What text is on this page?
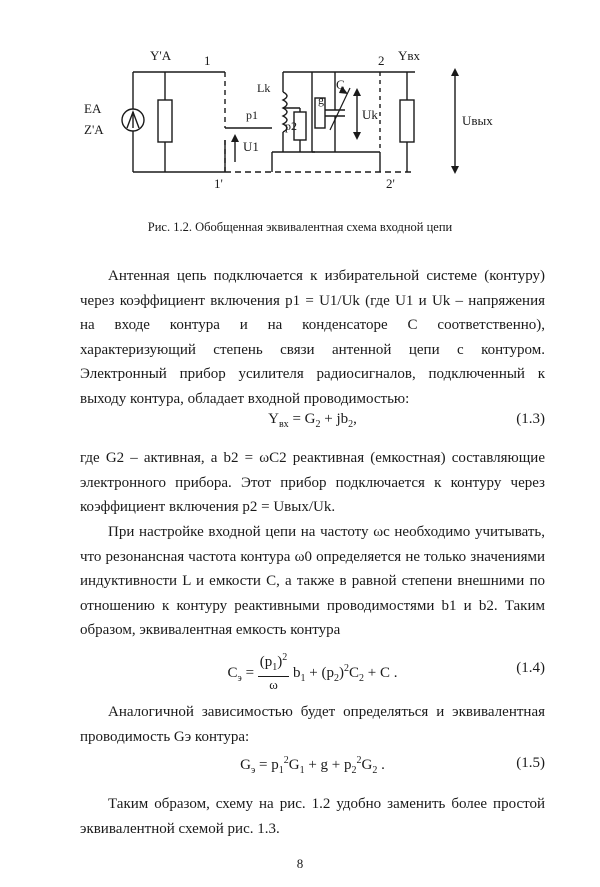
Y'A	1	2 Yвх
EA
Z'A
Lk	C
g
p1
p2
Uk
U1
Uвых
1'	2'
Рис. 1.2. Обобщенная эквивалентная схема входной цепи
Антенная цепь подключается к избирательной системе (контуру) через коэффициент включения p1 = U1/Uk (где U1 и Uk – напряжения на входе контура и на конденсаторе С соответственно), характеризующий степень связи антенной цепи с контуром. Электронный прибор усилителя радиосигналов, подключенный к выходу контура, обладает входной проводимостью:
$Y_{вх} = G_2 + jb_2$,	(1.3)
где G2 – активная, а b2 = ωC2 реактивная (емкостная) составляющие электронного прибора. Этот прибор подключается к контуру через коэффициент включения p2 = Uвых/Uk.
При настройке входной цепи на частоту ωс необходимо учитывать, что резонансная частота контура ω0 определяется не только значениями индуктивности L и емкости C, а также в равной степени внешними по отношению к контуру реактивными проводимостями b1 и b2. Таким образом, эквивалентная емкость контура
$C_э = \frac{(p_1)^2}{\omega} b_1 + (p_2)^2C_2 + C$ .	(1.4)
Аналогичной зависимостью будет определяться и эквивалентная проводимость Gэ контура:
$G_э = p_1^2G_1 + g + p_2^2G_2$ .	(1.5)
Таким образом, схему на рис. 1.2 удобно заменить более простой эквивалентной схемой рис. 1.3.
8
